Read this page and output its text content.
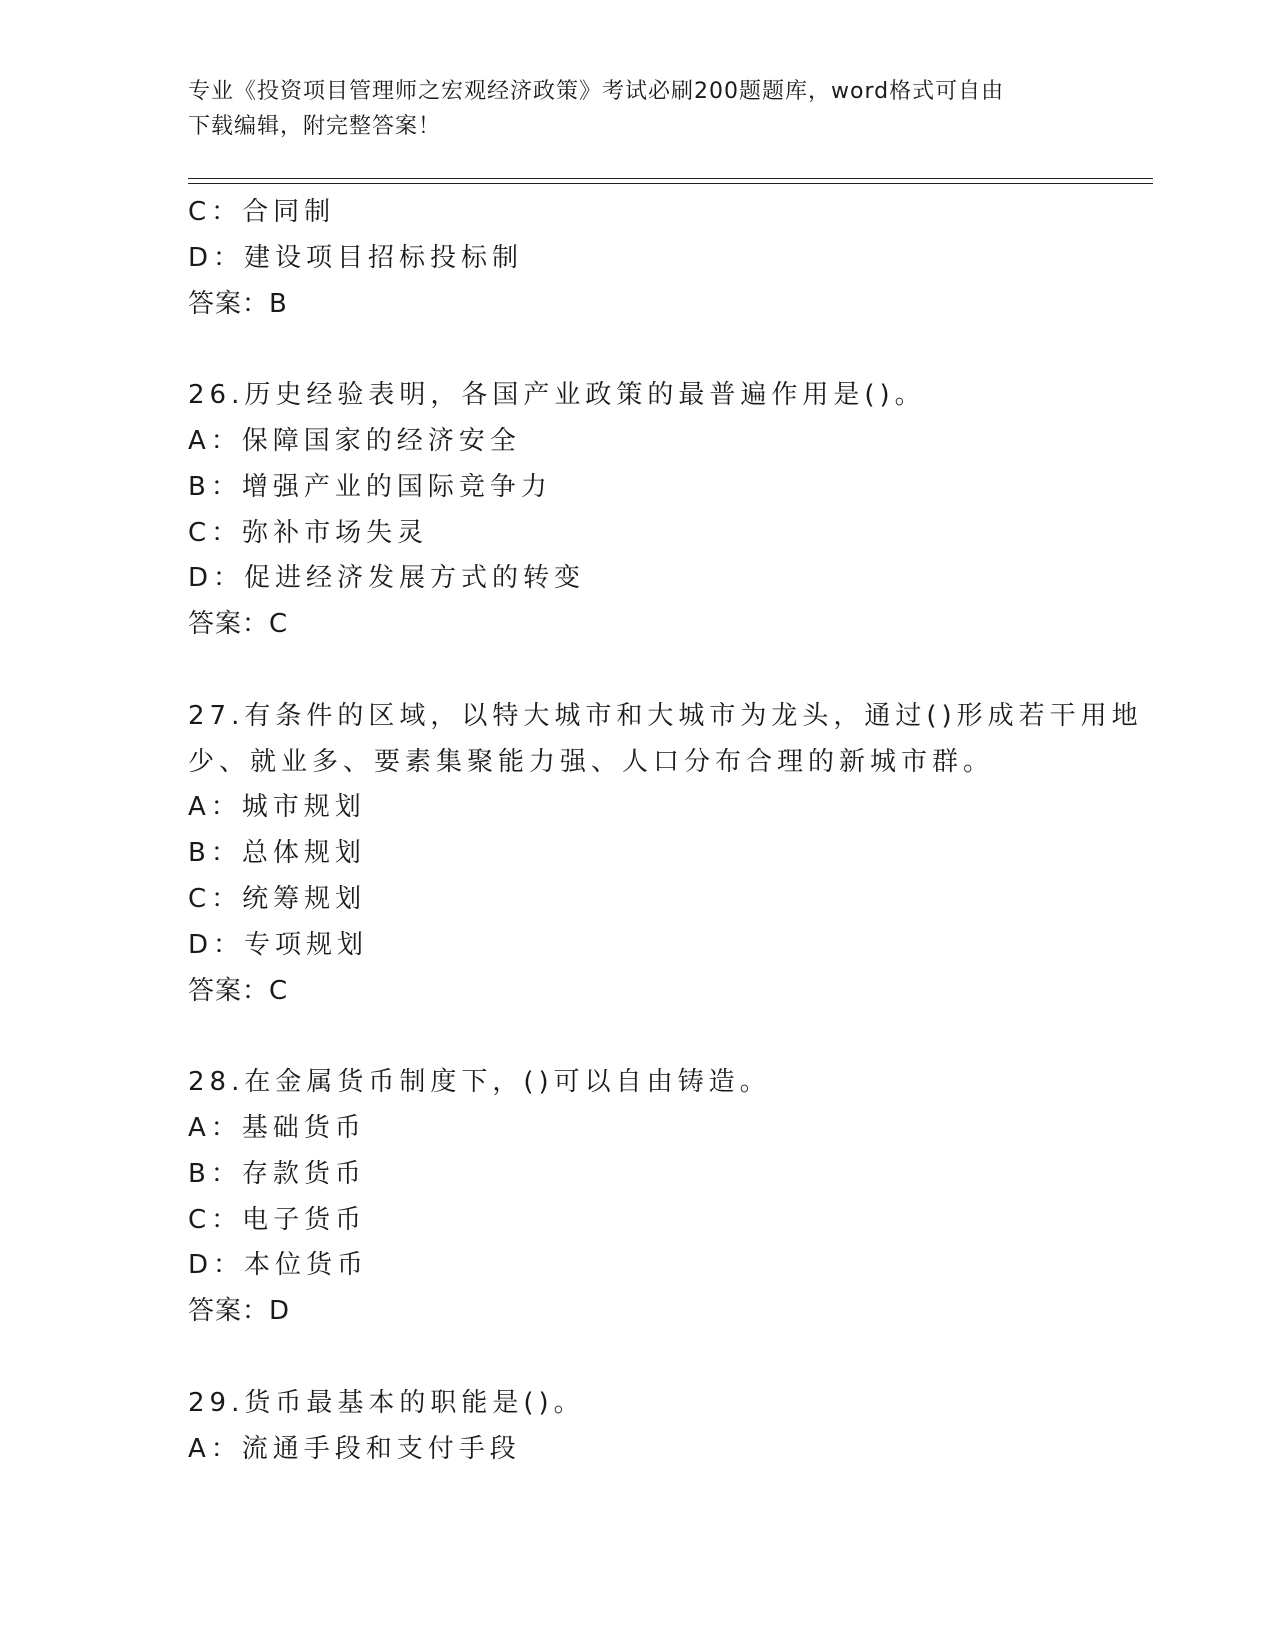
专业《投资项目管理师之宏观经济政策》考试必刷200题题库，word格式可自由
下载编辑，附完整答案！
C：合同制
D：建设项目招标投标制
答案：B
26.历史经验表明，各国产业政策的最普遍作用是()。
A：保障国家的经济安全
B：增强产业的国际竞争力
C：弥补市场失灵
D：促进经济发展方式的转变
答案：C
27.有条件的区域，以特大城市和大城市为龙头，通过()形成若干用地
少、就业多、要素集聚能力强、人口分布合理的新城市群。
A：城市规划
B：总体规划
C：统筹规划
D：专项规划
答案：C
28.在金属货币制度下，()可以自由铸造。
A：基础货币
B：存款货币
C：电子货币
D：本位货币
答案：D
29.货币最基本的职能是()。
A：流通手段和支付手段
